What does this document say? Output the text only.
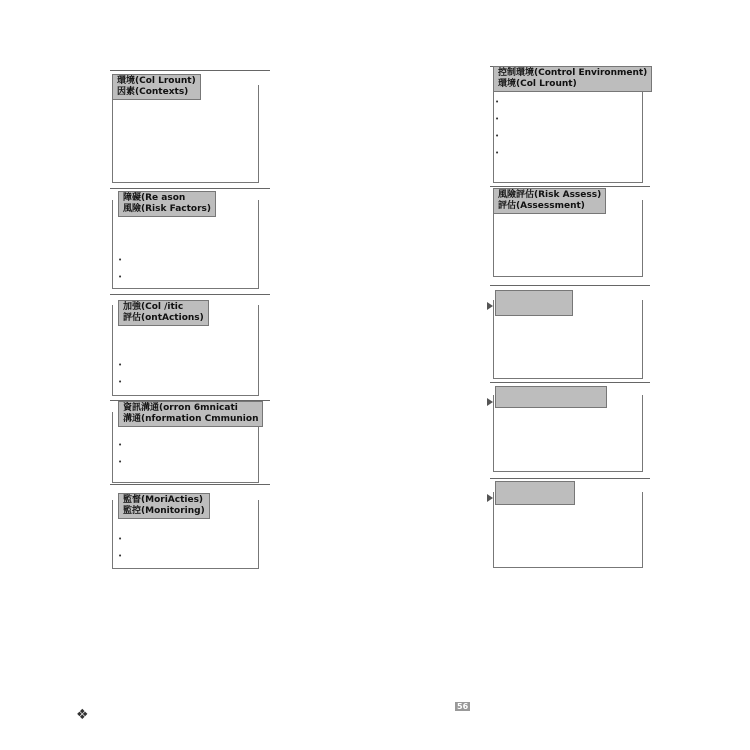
環境(Col Lrount)
因素(Contexts)
障礙(Re ason
風險(Risk Factors)
•
•
加強(Col /itic
評估(ontActions)
•
•
資訊溝通(orron 6mnicati
溝通(nformation Cmmunion
•
•
監督(MoriActies)
監控(Monitoring)
•
•
❖
控制環境(Control Environment)
環境(Col Lrount)
•
•
•
•
風險評估(Risk Assess)
評估(Assessment)
56
